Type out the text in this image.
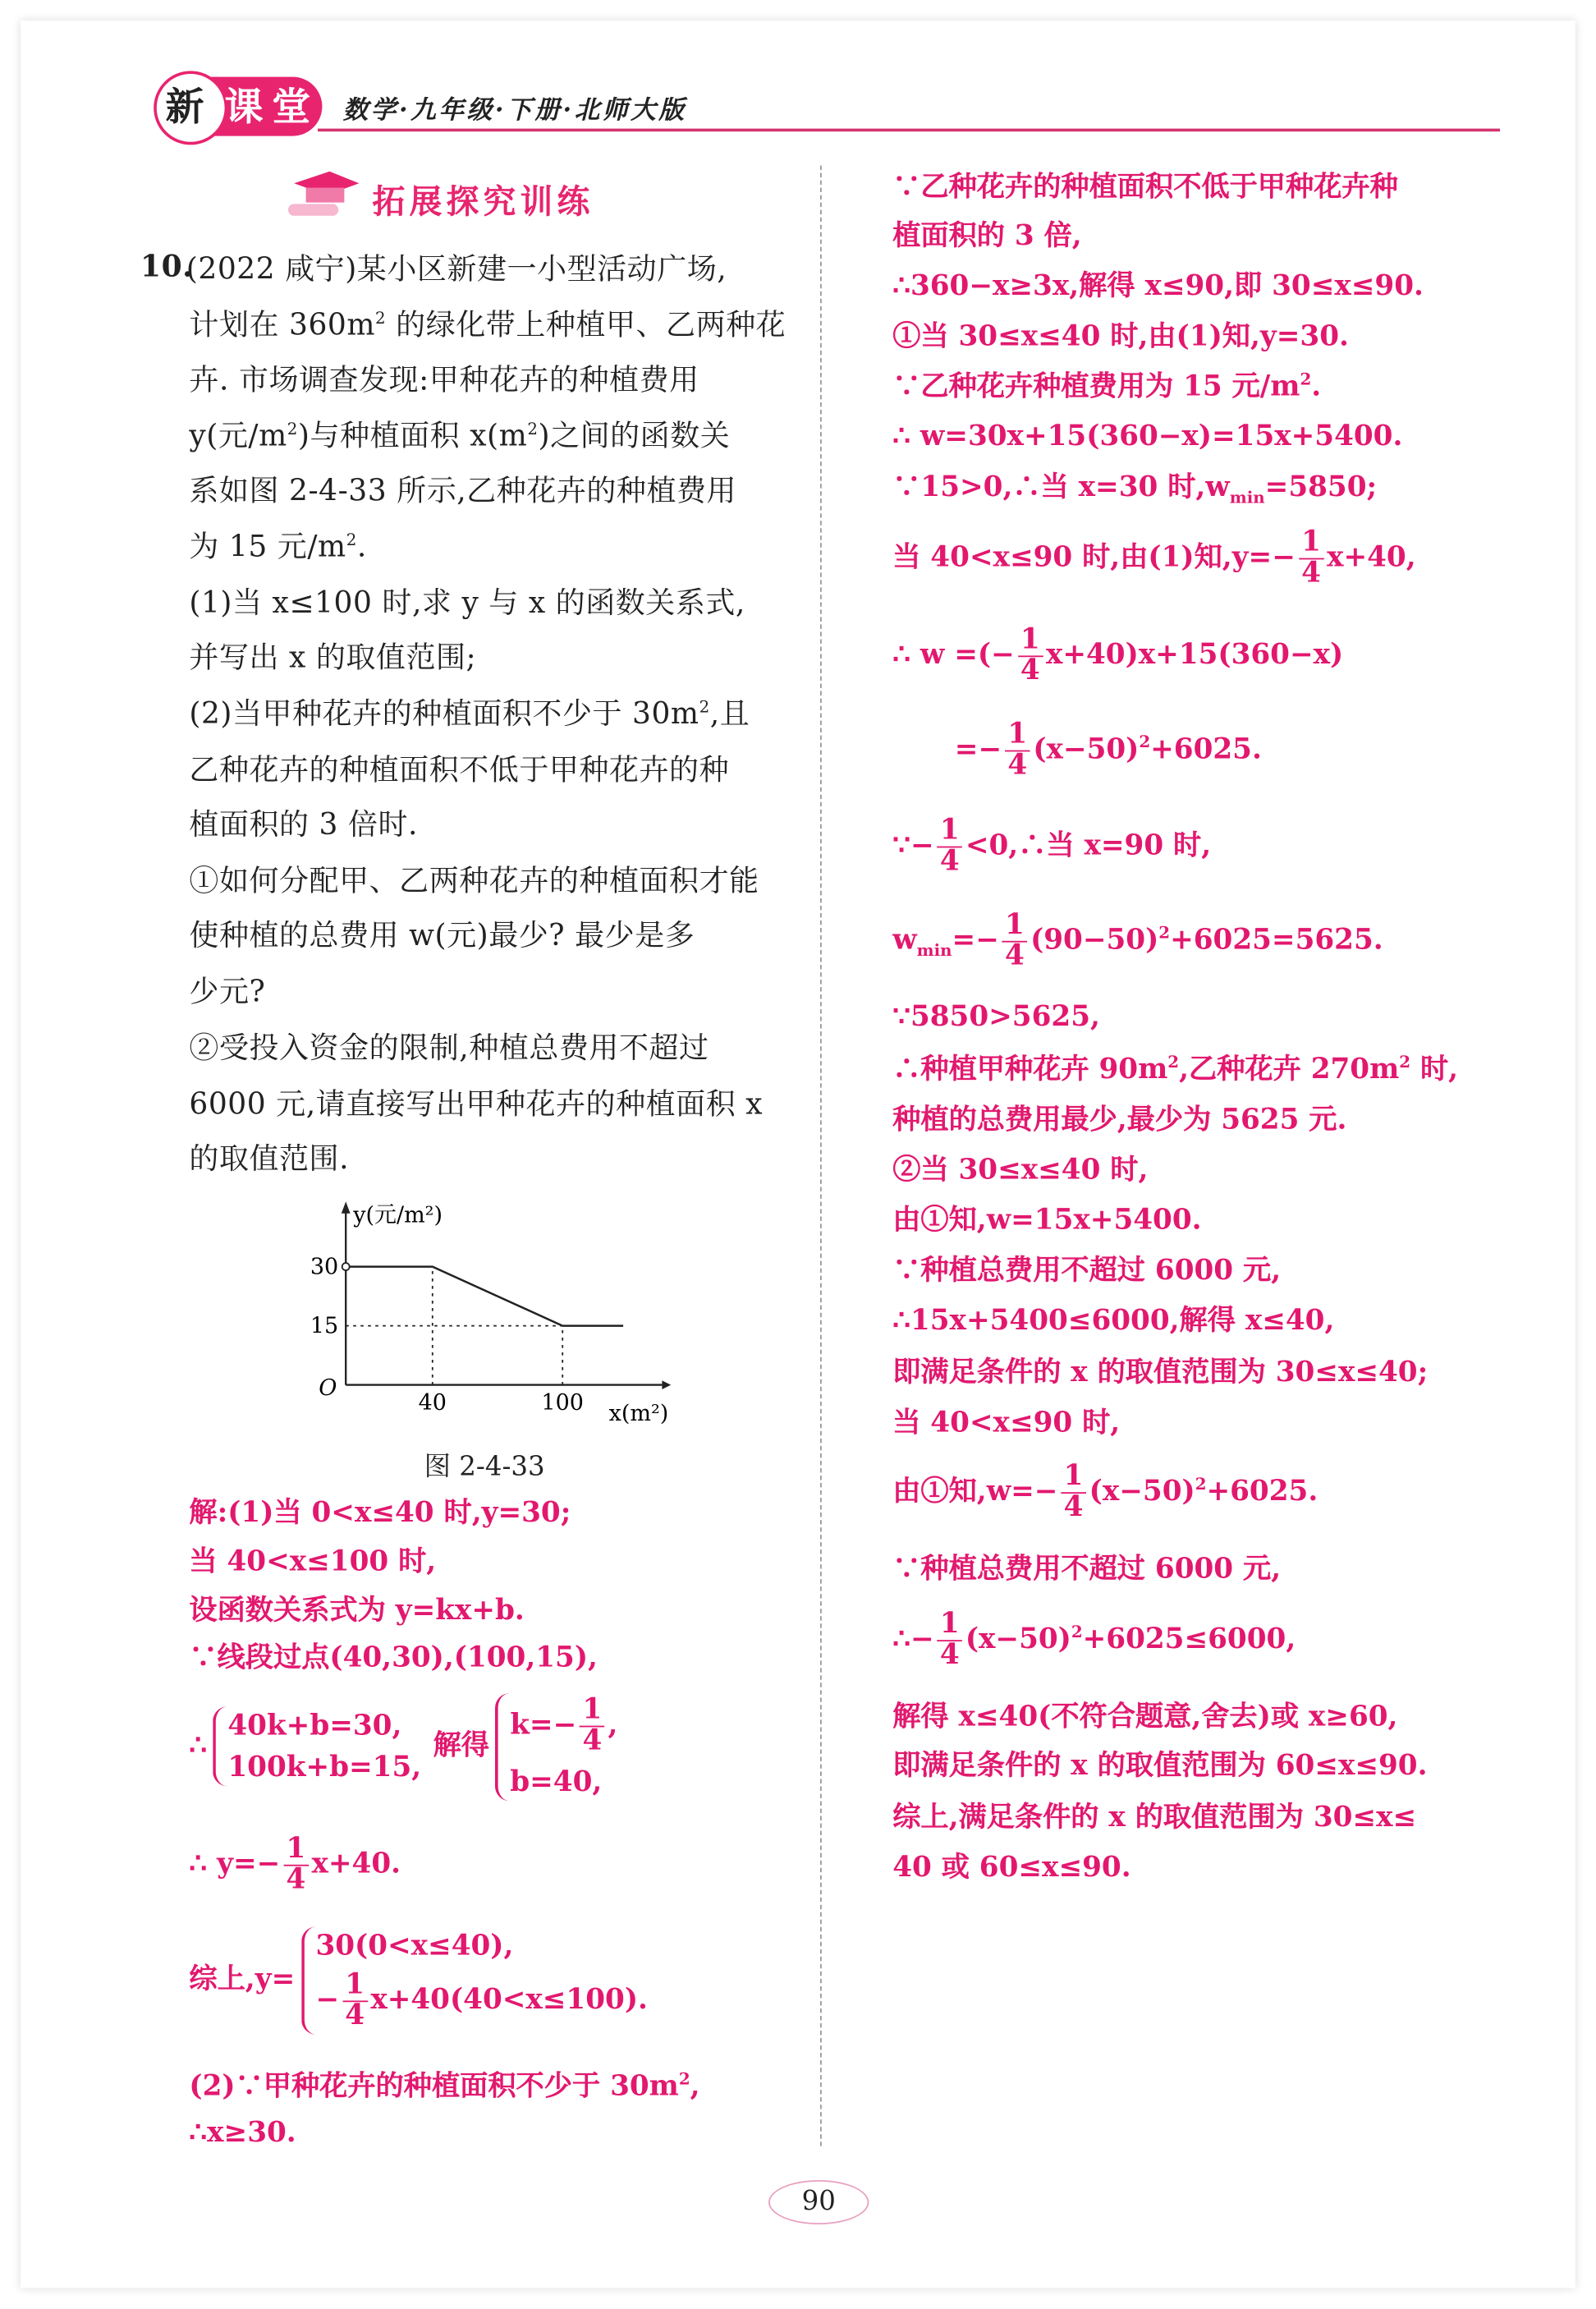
新 课 堂 数学·九年级·下册·北师大版
拓展探究训练
40	100
15
30
O
x(m²)
y(元/m²)
图 2-4-33
90
10.
(2022 咸宁)某小区新建一小型活动广场,
计划在 $360m^2$ 的绿化带上种植甲、乙两种花
卉. 市场调查发现:甲种花卉的种植费用
y(元$/m^2$)与种植面积 $x(m^2)$之间的函数关
系如图 2-4-33 所示,乙种花卉的种植费用
为 15 元$/m^2$.
(1)当 x≤100 时,求 y 与 x 的函数关系式,
并写出 x 的取值范围;
(2)当甲种花卉的种植面积不少于 $30m^2$,且
乙种花卉的种植面积不低于甲种花卉的种
植面积的 3 倍时.
①如何分配甲、乙两种花卉的种植面积才能
使种植的总费用 w(元)最少? 最少是多
少元?
②受投入资金的限制,种植总费用不超过
6000 元,请直接写出甲种花卉的种植面积 x
的取值范围.
解:(1)当 0<x≤40 时,y=30;
当 40<x≤100 时,
设函数关系式为 y=kx+b.
∵线段过点(40,30),(100,15),
∴
40k+b=30,
100k+b=15,
解得
$k=- \frac{1}{4}$ ,
b=40,
∴ $y=- \frac{1}{4} x+40$.
综上,y=
30(0<x≤40),
− $\frac{1}{4} x+40(40<x\le 100)$.
(2)∵甲种花卉的种植面积不少于 $30m^2$,
∴x≥30.
∵乙种花卉的种植面积不低于甲种花卉种
植面积的 3 倍,
∴360−x≥3x,解得 x≤90,即 30≤x≤90.
①当 30≤x≤40 时,由(1)知,y=30.
∵乙种花卉种植费用为 15 元$/m^2$.
∴ w=30x+15(360−x)=15x+5400.
∵15>0,∴当 x=30 时$,w_{min}=5850$;
当 40<x≤90 时,由(1)知$,y=- \frac{1}{4} x+40$,
∴ w =(− $\frac{1}{4} x+40)x+15(360-x)$
=− $\frac{1}{4} (x-50)^2+6025$.
∵− $\frac{1}{4}$ <0,∴当 x=90 时,
$w_{min}=- \frac{1}{4} (90-50)^2+6025=5625$.
∵5850>5625,
∴种植甲种花卉 $90m^2$,乙种花卉 $270m^2$ 时,
种植的总费用最少,最少为 5625 元.
②当 30≤x≤40 时,
由①知,w=15x+5400.
∵种植总费用不超过 6000 元,
∴15x+5400≤6000,解得 x≤40,
即满足条件的 x 的取值范围为 30≤x≤40;
当 40<x≤90 时,
由①知$,w=- \frac{1}{4} (x-50)^2+6025$.
∵种植总费用不超过 6000 元,
∴− $\frac{1}{4} (x-50)^2+6025\le 6000$,
解得 x≤40(不符合题意,舍去)或 x≥60,
即满足条件的 x 的取值范围为 60≤x≤90.
综上,满足条件的 x 的取值范围为 30≤x≤
40 或 60≤x≤90.
